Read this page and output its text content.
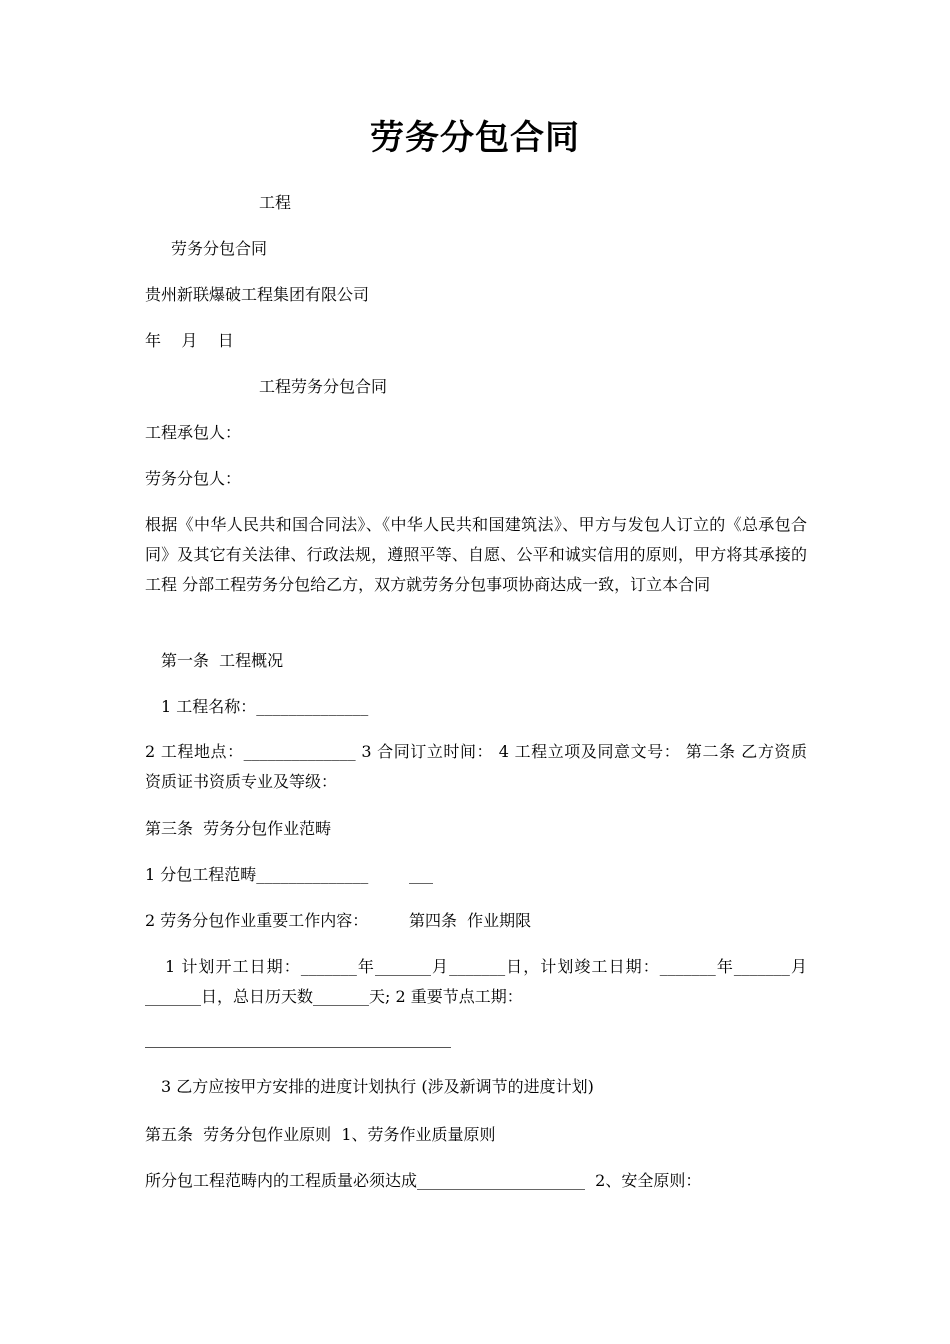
劳务分包合同
工程
劳务分包合同
贵州新联爆破工程集团有限公司
年    月    日
工程劳务分包合同
工程承包人：
劳务分包人：
根据《中华人民共和国合同法》、《中华人民共和国建筑法》、甲方与发包人订立的《总承包合同》及其它有关法律、行政法规，遵照平等、自愿、公平和诚实信用的原则，甲方将其承接的 工程 分部工程劳务分包给乙方，双方就劳务分包事项协商达成一致，订立本合同
第一条  工程概况
1 工程名称：______________
2 工程地点：______________ 3 合同订立时间： 4 工程立项及同意文号： 第二条 乙方资质 资质证书资质专业及等级：
第三条  劳务分包作业范畴
1 分包工程范畴______________        ___
2 劳务分包作业重要工作内容：        第四条  作业期限
1 计划开工日期：_______年_______月_______日，计划竣工日期：_______年_______月_______日，总日历天数_______天; 2 重要节点工期：
3 乙方应按甲方安排的进度计划执行 (涉及新调节的进度计划)
第五条  劳务分包作业原则  1、劳务作业质量原则
所分包工程范畴内的工程质量必须达成_____________________  2、安全原则：
